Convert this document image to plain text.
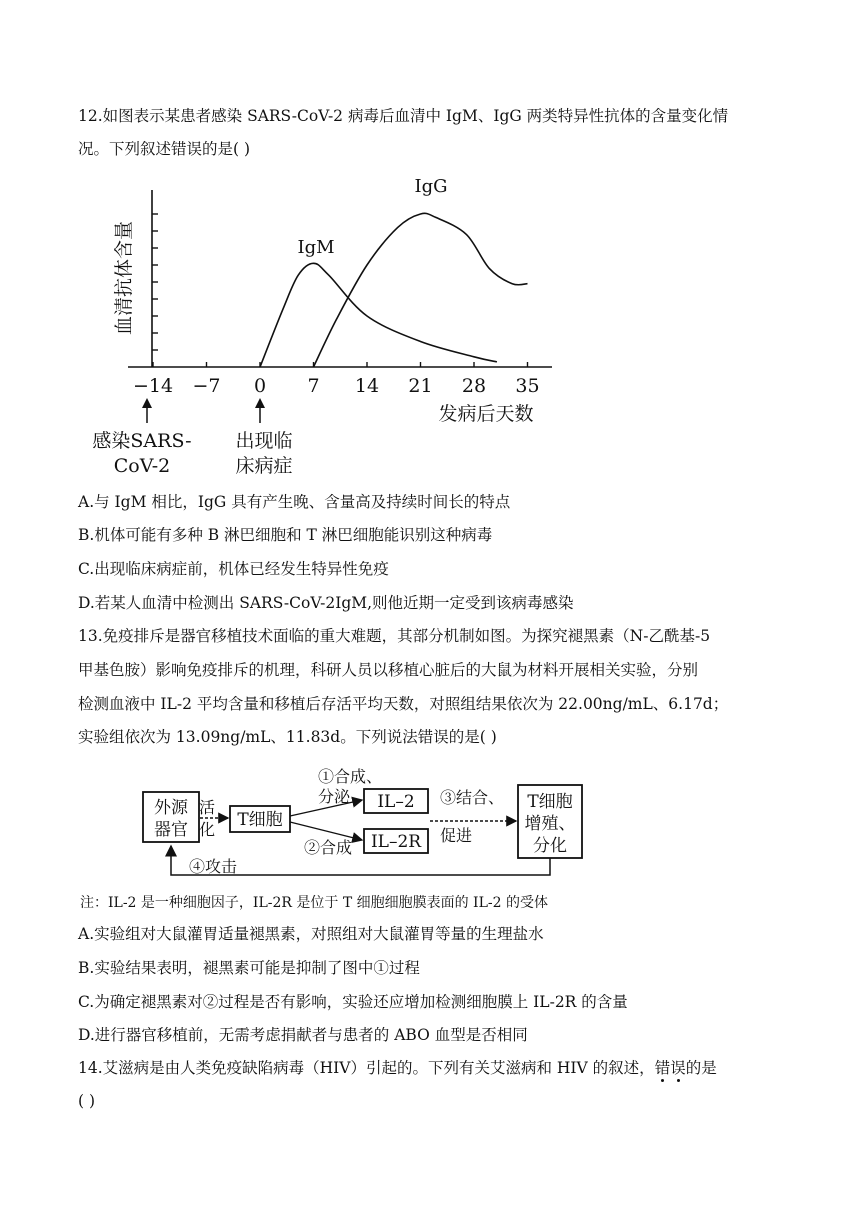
12.如图表示某患者感染 SARS-CoV-2 病毒后血清中 IgM、IgG 两类特异性抗体的含量变化情
况。下列叙述错误的是( )
−14 −7 0 7 14 21 28 35
血清抗体含量	IgM
IgG
发病后天数
感染SARS-
CoV-2
出现临
床病症
A.与 IgM 相比，IgG 具有产生晚、含量高及持续时间长的特点
B.机体可能有多种 B 淋巴细胞和 T 淋巴细胞能识别这种病毒
C.出现临床病症前，机体已经发生特异性免疫
D.若某人血清中检测出 SARS-CoV-2IgM,则他近期一定受到该病毒感染
13.免疫排斥是器官移植技术面临的重大难题，其部分机制如图。为探究褪黑素（N-乙酰基-5
甲基色胺）影响免疫排斥的机理，科研人员以移植心脏后的大鼠为材料开展相关实验，分别
检测血液中 IL-2 平均含量和移植后存活平均天数，对照组结果依次为 22.00ng/mL、6.17d；
实验组依次为 13.09ng/mL、11.83d。下列说法错误的是( )
外源
器官
活
化 T细胞
①合成、
分泌
②合成
IL–2
IL–2R
③结合、
促进
T细胞
增殖、
分化
④攻击
注：IL-2 是一种细胞因子，IL-2R 是位于 T 细胞细胞膜表面的 IL-2 的受体
A.实验组对大鼠灌胃适量褪黑素，对照组对大鼠灌胃等量的生理盐水
B.实验结果表明，褪黑素可能是抑制了图中①过程
C.为确定褪黑素对②过程是否有影响，实验还应增加检测细胞膜上 IL-2R 的含量
D.进行器官移植前，无需考虑捐献者与患者的 ABO 血型是否相同
14.艾滋病是由人类免疫缺陷病毒（HIV）引起的。下列有关艾滋病和 HIV 的叙述，错误
的是
( )
